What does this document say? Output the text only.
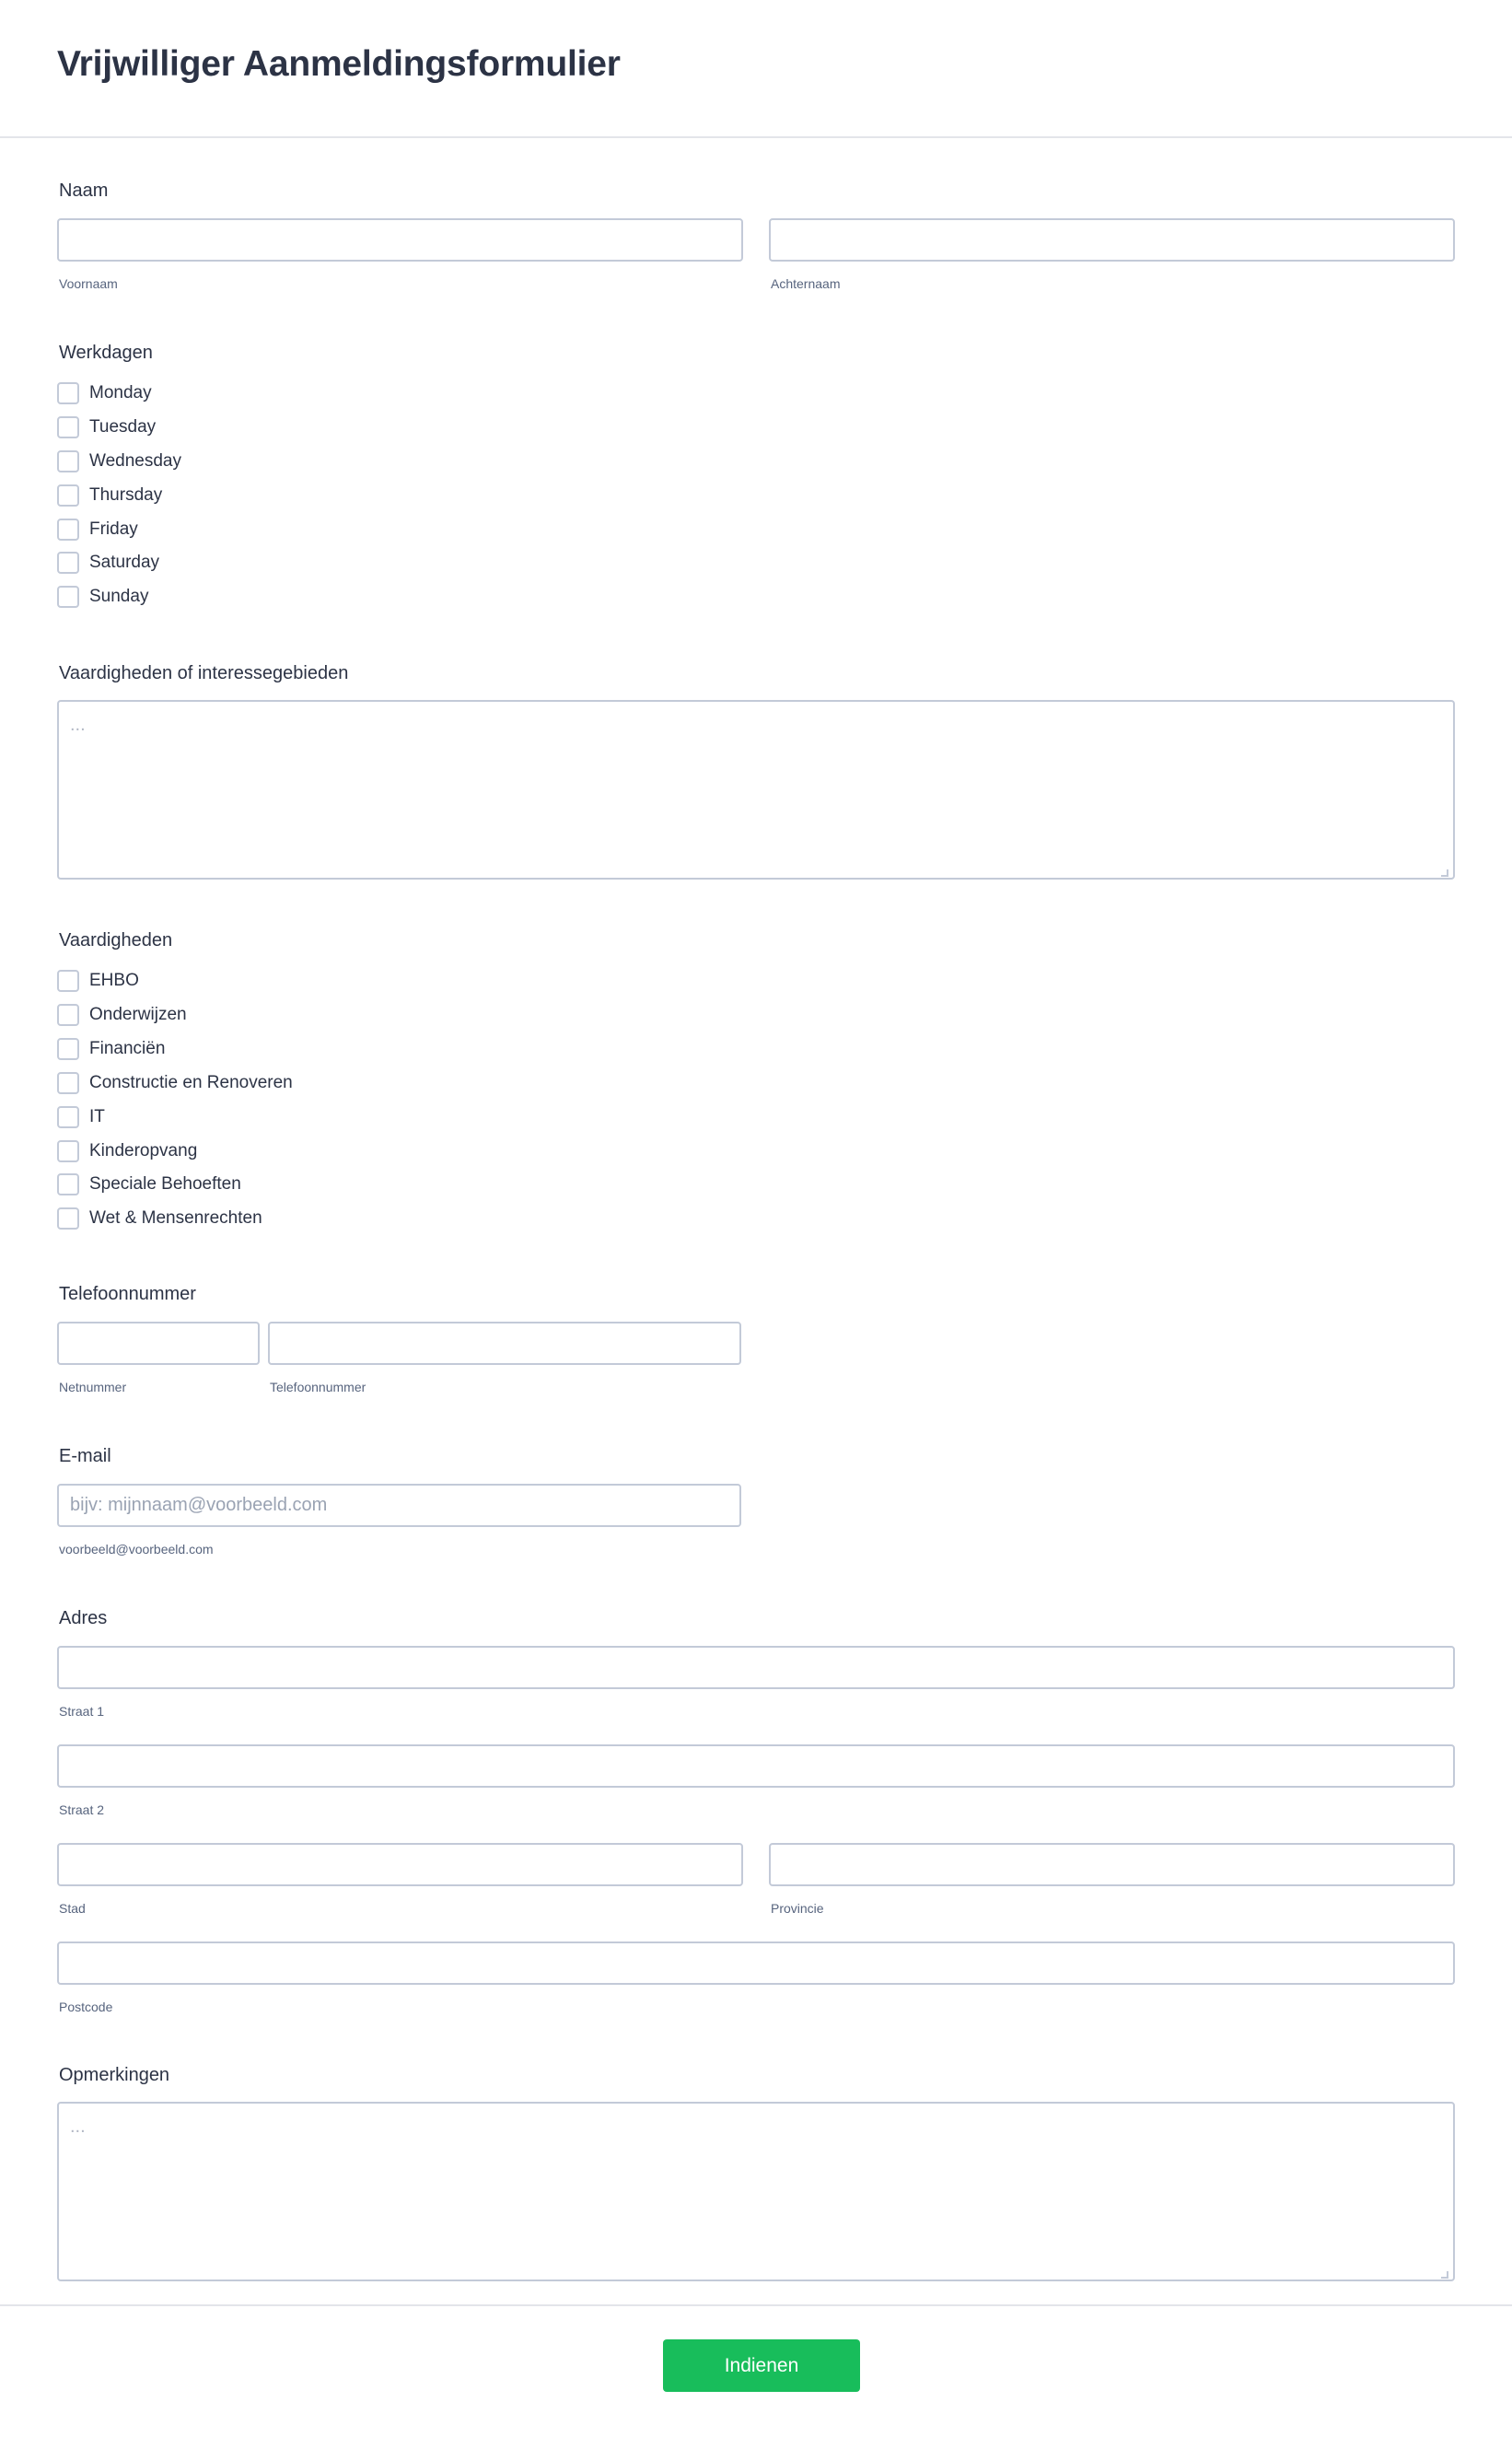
Vrijwilliger Aanmeldingsformulier
Naam
Voornaam	Achternaam
Werkdagen
Monday
Tuesday
Wednesday
Thursday
Friday
Saturday
Sunday
Vaardigheden of interessegebieden
...
Vaardigheden
EHBO
Onderwijzen
Financiën
Constructie en Renoveren
IT
Kinderopvang
Speciale Behoeften
Wet & Mensenrechten
Telefoonnummer
Netnummer	Telefoonnummer
E-mail
bijv: mijnnaam@voorbeeld.com
voorbeeld@voorbeeld.com
Adres
Straat 1
Straat 2
Stad	Provincie
Postcode
Opmerkingen
...
Indienen
